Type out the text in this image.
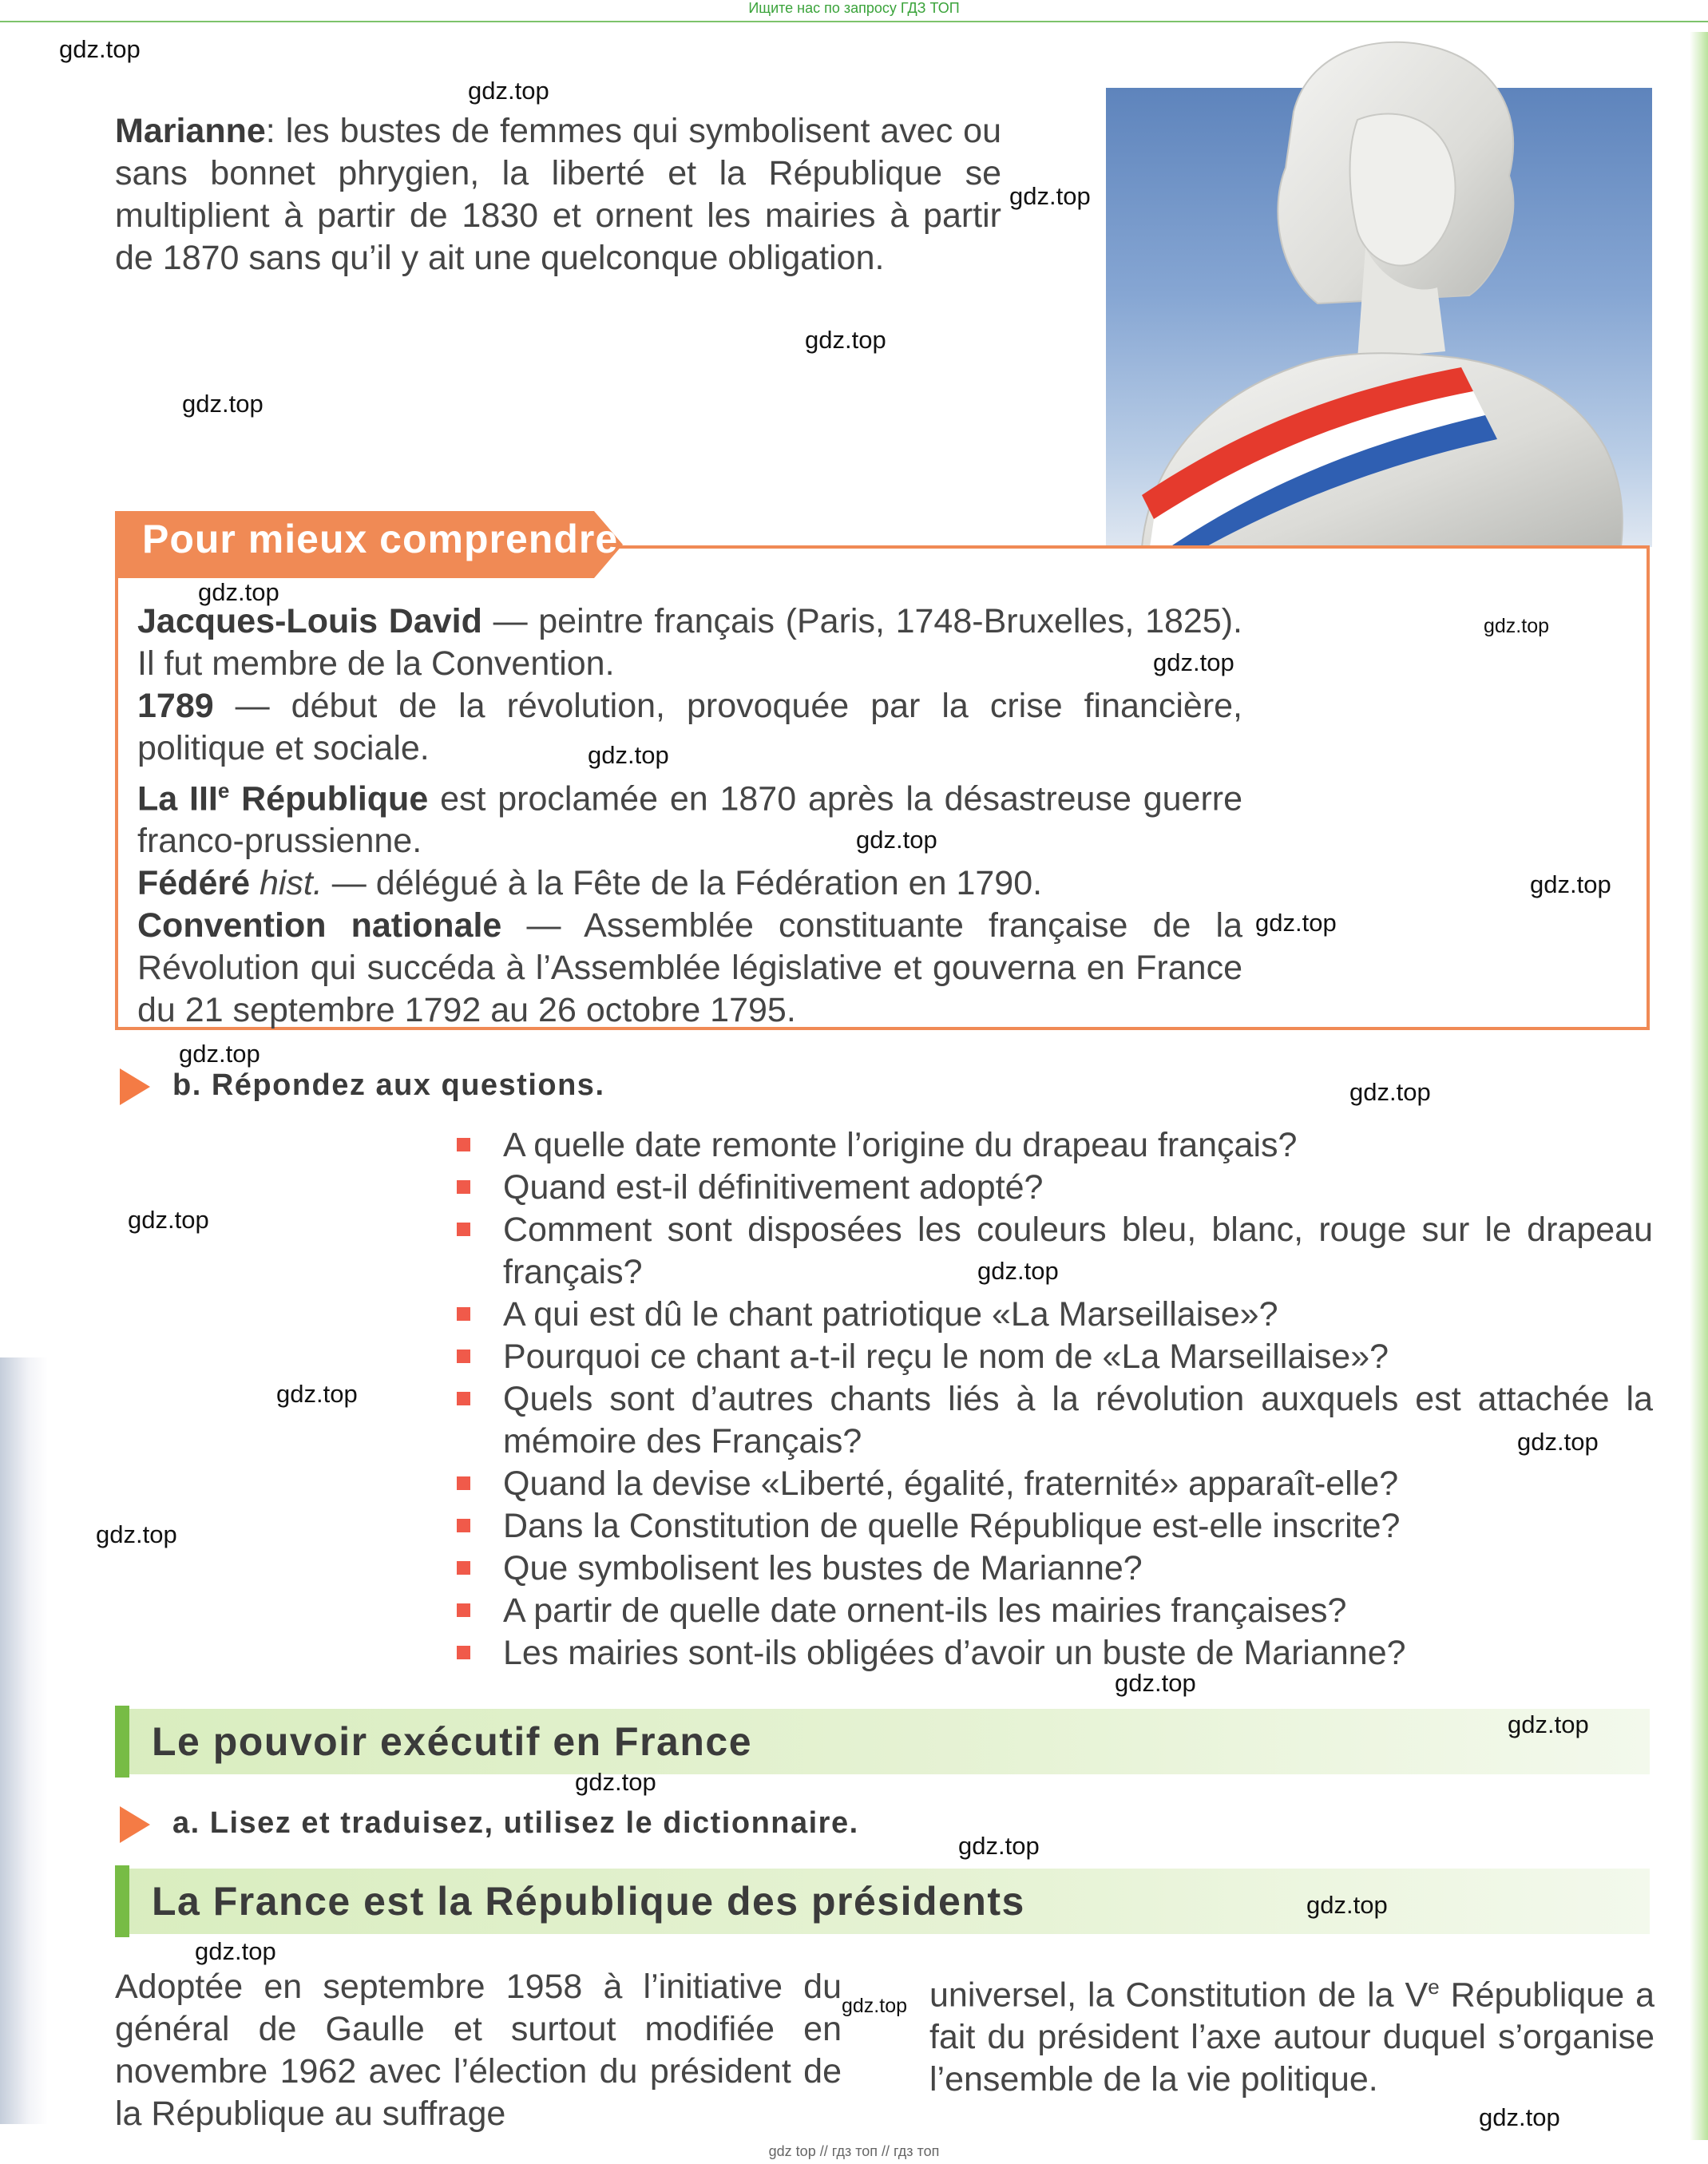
Ищите нас по запросу ГДЗ ТОП

Marianne: les bustes de femmes qui symbolisent avec ou sans bonnet phrygien, la liberté et la République se multiplient à partir de 1830 et ornent les mairies à partir de 1870 sans qu’il y ait une quelconque obligation.

Pour mieux comprendre
Jacques-Louis David — peintre français (Paris, 1748-Bruxelles, 1825). Il fut membre de la Convention.
1789 — début de la révolution, provoquée par la crise financière, politique et sociale.
La IIIe République est proclamée en 1870 après la désastreuse guerre franco-prussienne.
Fédéré hist. — délégué à la Fête de la Fédération en 1790.
Convention nationale — Assemblée constituante française de la Révolution qui succéda à l’Assemblée législative et gouverna en France du 21 septembre 1792 au 26 octobre 1795.
b. Répondez aux questions.
A quelle date remonte l’origine du drapeau français?
Quand est-il définitivement adopté?
Comment sont disposées les couleurs bleu, blanc, rouge sur le drapeau français?
A qui est dû le chant patriotique «La Marseillaise»?
Pourquoi ce chant a-t-il reçu le nom de «La Marseillaise»?
Quels sont d’autres chants liés à la révolution auxquels est attachée la mémoire des Français?
Quand la devise «Liberté, égalité, fraternité» apparaît-elle?
Dans la Constitution de quelle République est-elle inscrite?
Que symbolisent les bustes de Marianne?
A partir de quelle date ornent-ils les mairies françaises?
Les mairies sont-ils obligées d’avoir un buste de Marianne?
Le pouvoir exécutif en France
a. Lisez et traduisez, utilisez le dictionnaire.
La France est la République des présidents

Adoptée en septembre 1958 à l’initiative du général de Gaulle et surtout modifiée en novembre 1962 avec l’élection du président de la République au suffrage

universel, la Constitution de la Ve République a fait du président l’axe autour duquel s’organise l’ensemble de la vie politique.

gdz.top
gdz.top
gdz.top
gdz.top
gdz.top
gdz.top
gdz.top
gdz.top
gdz.top
gdz.top
gdz.top
gdz.top
gdz.top
gdz.top
gdz.top
gdz.top
gdz.top
gdz.top
gdz.top
gdz.top
gdz.top
gdz.top
gdz.top
gdz.top
gdz.top
gdz.top
gdz.top
gdz top // гдз топ // гдз топ
